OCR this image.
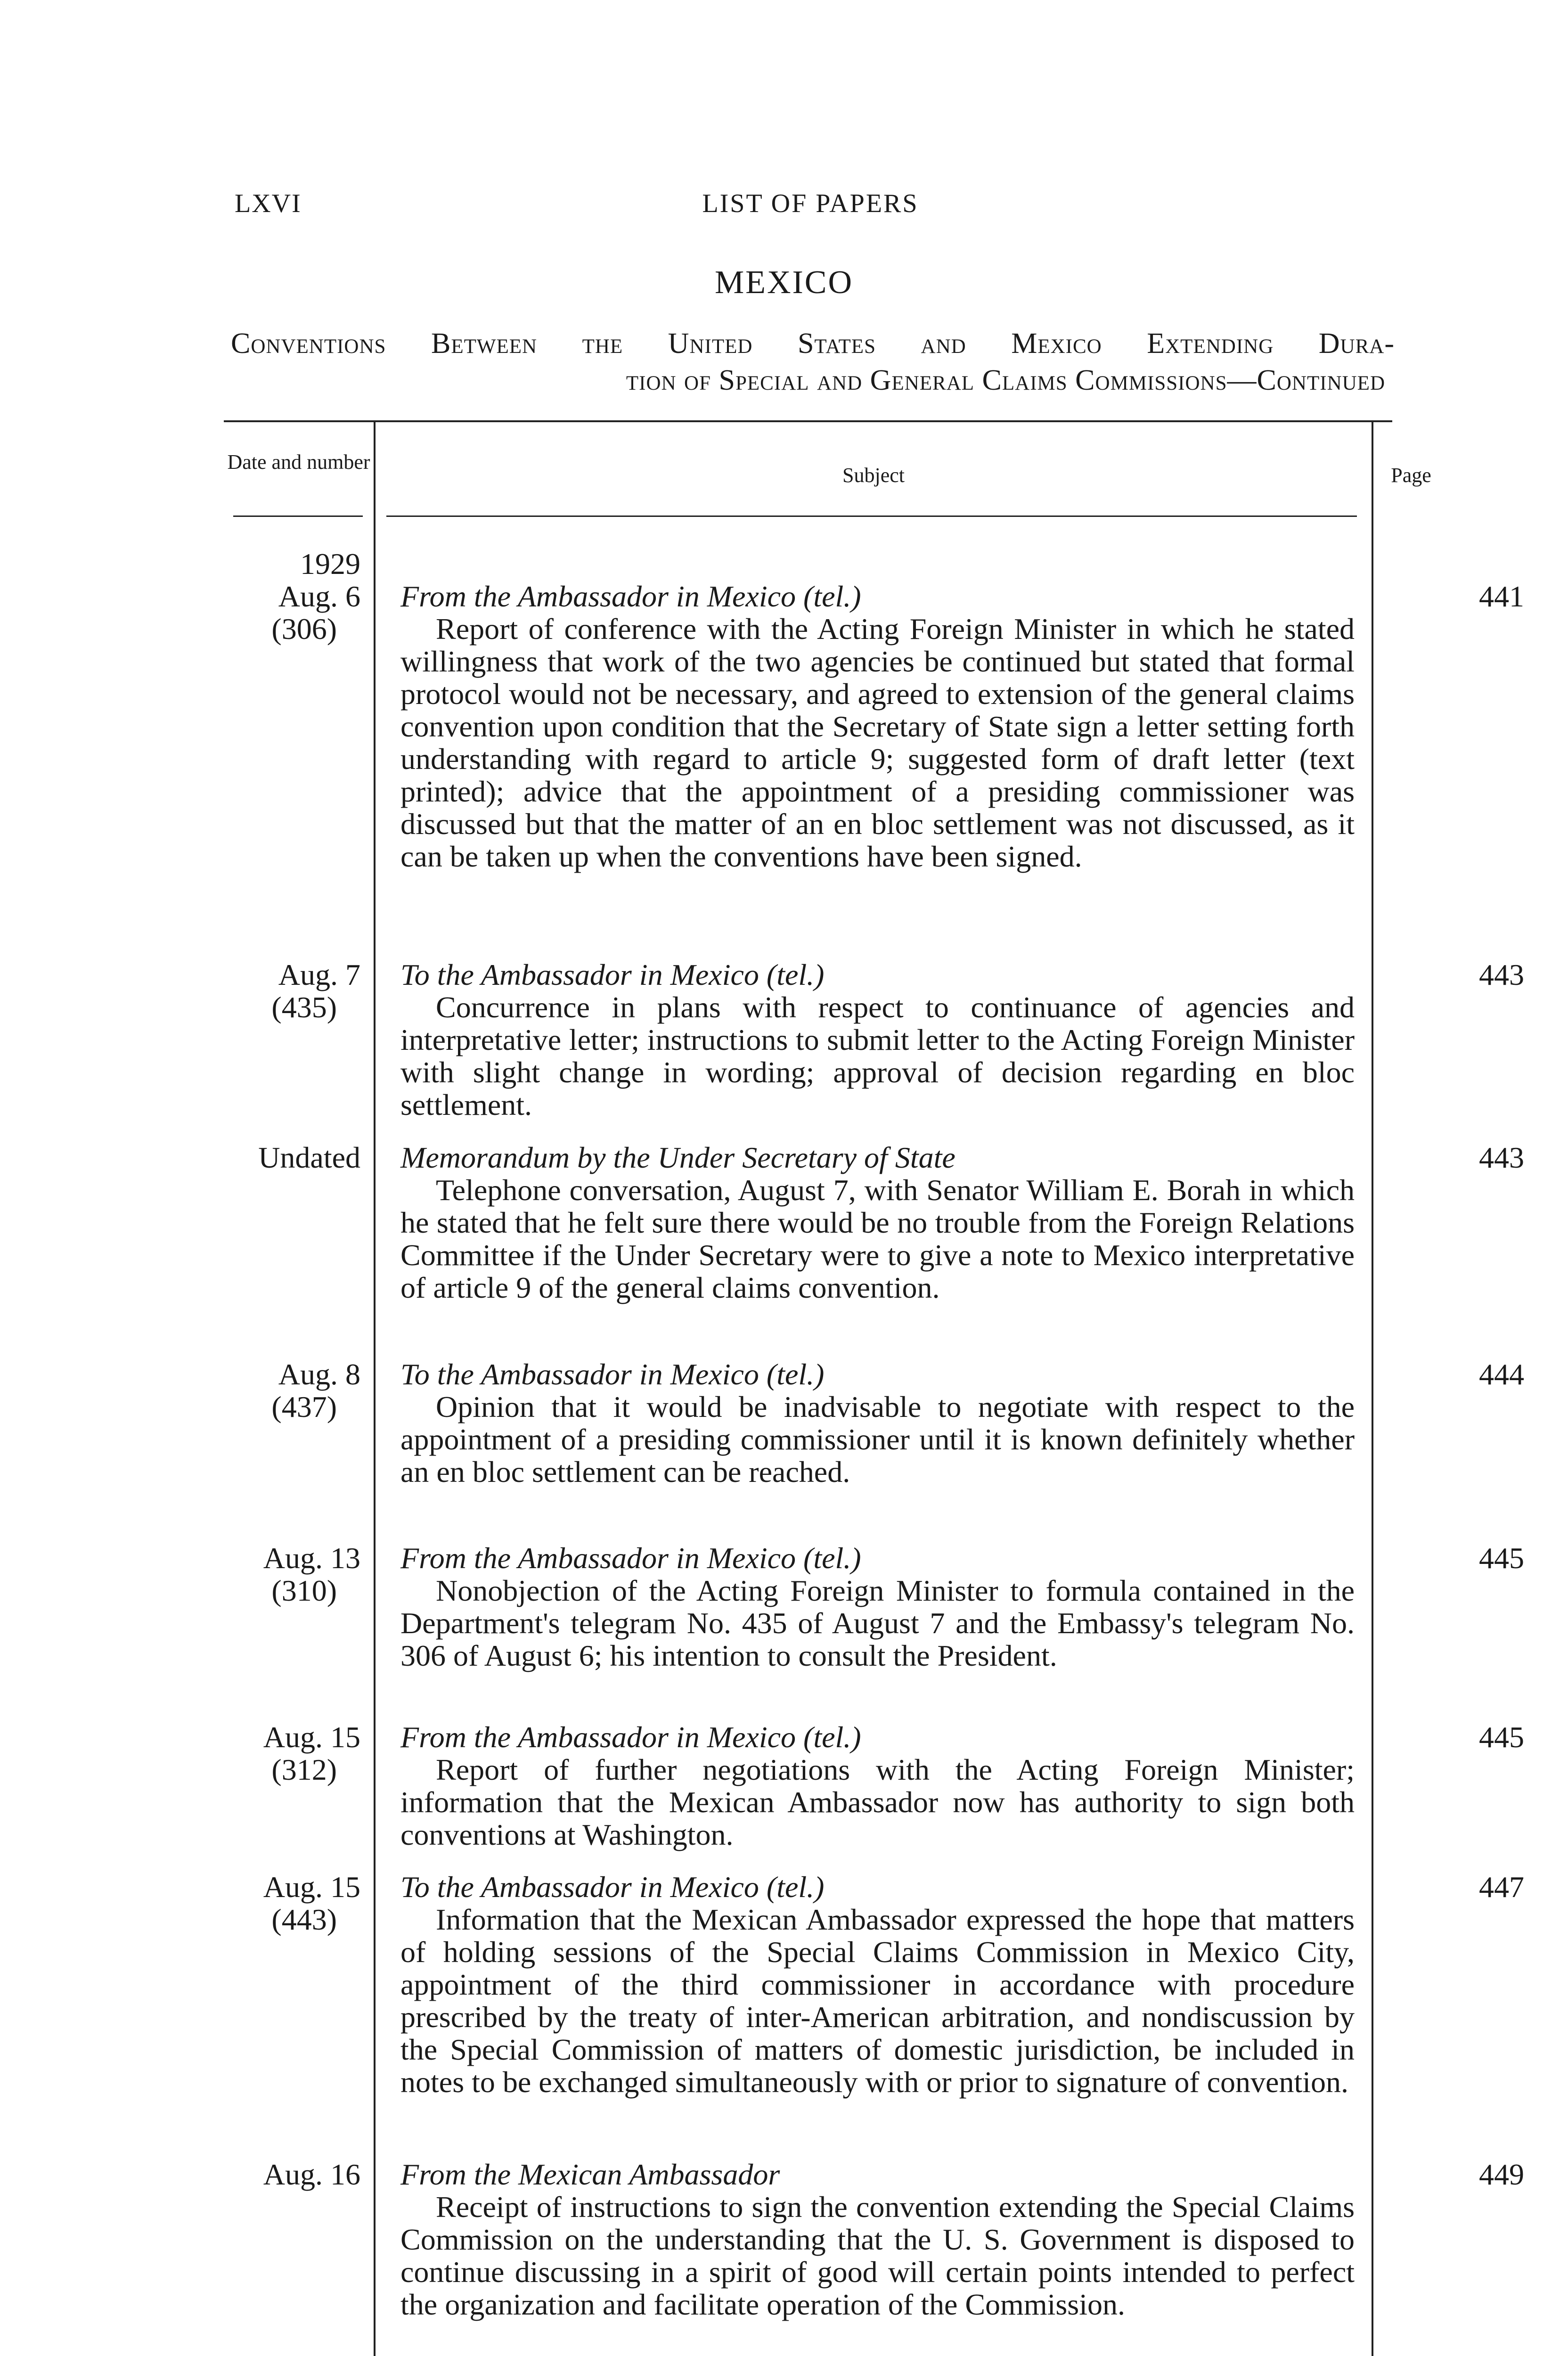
LXVI	LIST OF PAPERS
MEXICO
Conventions Between the United States and Mexico Extending Dura-
tion of Special and General Claims Commissions—Continued
Date and number
Subject	Page
1929
Aug. 6
(306)
From the Ambassador in Mexico (tel.)
Report of conference with the Acting Foreign Minister in which he stated willingness that work of the two agencies be continued but stated that formal protocol would not be necessary, and agreed to extension of the general claims convention upon condition that the Secretary of State sign a letter setting forth understanding with regard to article 9; suggested form of draft letter (text printed); advice that the appointment of a presiding commissioner was discussed but that the matter of an en bloc settlement was not discussed, as it can be taken up when the conventions have been signed.
441
Aug. 7
(435)
To the Ambassador in Mexico (tel.)
Concurrence in plans with respect to continuance of agencies and interpretative letter; instructions to submit letter to the Acting Foreign Minister with slight change in wording; approval of decision regarding en bloc settlement.
443
Undated Memorandum by the Under Secretary of State
Telephone conversation, August 7, with Senator William E. Borah in which he stated that he felt sure there would be no trouble from the Foreign Relations Committee if the Under Secretary were to give a note to Mexico interpretative of article 9 of the general claims convention.
443
Aug. 8
(437)
To the Ambassador in Mexico (tel.)
Opinion that it would be inadvisable to negotiate with respect to the appointment of a presiding commissioner until it is known definitely whether an en bloc settlement can be reached.
444
Aug. 13
(310)
From the Ambassador in Mexico (tel.)
Nonobjection of the Acting Foreign Minister to formula contained in the Department's telegram No. 435 of August 7 and the Embassy's telegram No. 306 of August 6; his intention to consult the President.
445
Aug. 15
(312)
From the Ambassador in Mexico (tel.)
Report of further negotiations with the Acting Foreign Minister; information that the Mexican Ambassador now has authority to sign both conventions at Washington.
445
Aug. 15
(443)
To the Ambassador in Mexico (tel.)
Information that the Mexican Ambassador expressed the hope that matters of holding sessions of the Special Claims Commission in Mexico City, appointment of the third commissioner in accordance with procedure prescribed by the treaty of inter-American arbitration, and nondiscussion by the Special Commission of matters of domestic jurisdiction, be included in notes to be exchanged simultaneously with or prior to signature of convention.
447
Aug. 16 From the Mexican Ambassador
Receipt of instructions to sign the convention extending the Special Claims Commission on the understanding that the U. S. Government is disposed to continue discussing in a spirit of good will certain points intended to perfect the organization and facilitate operation of the Commission.
449
